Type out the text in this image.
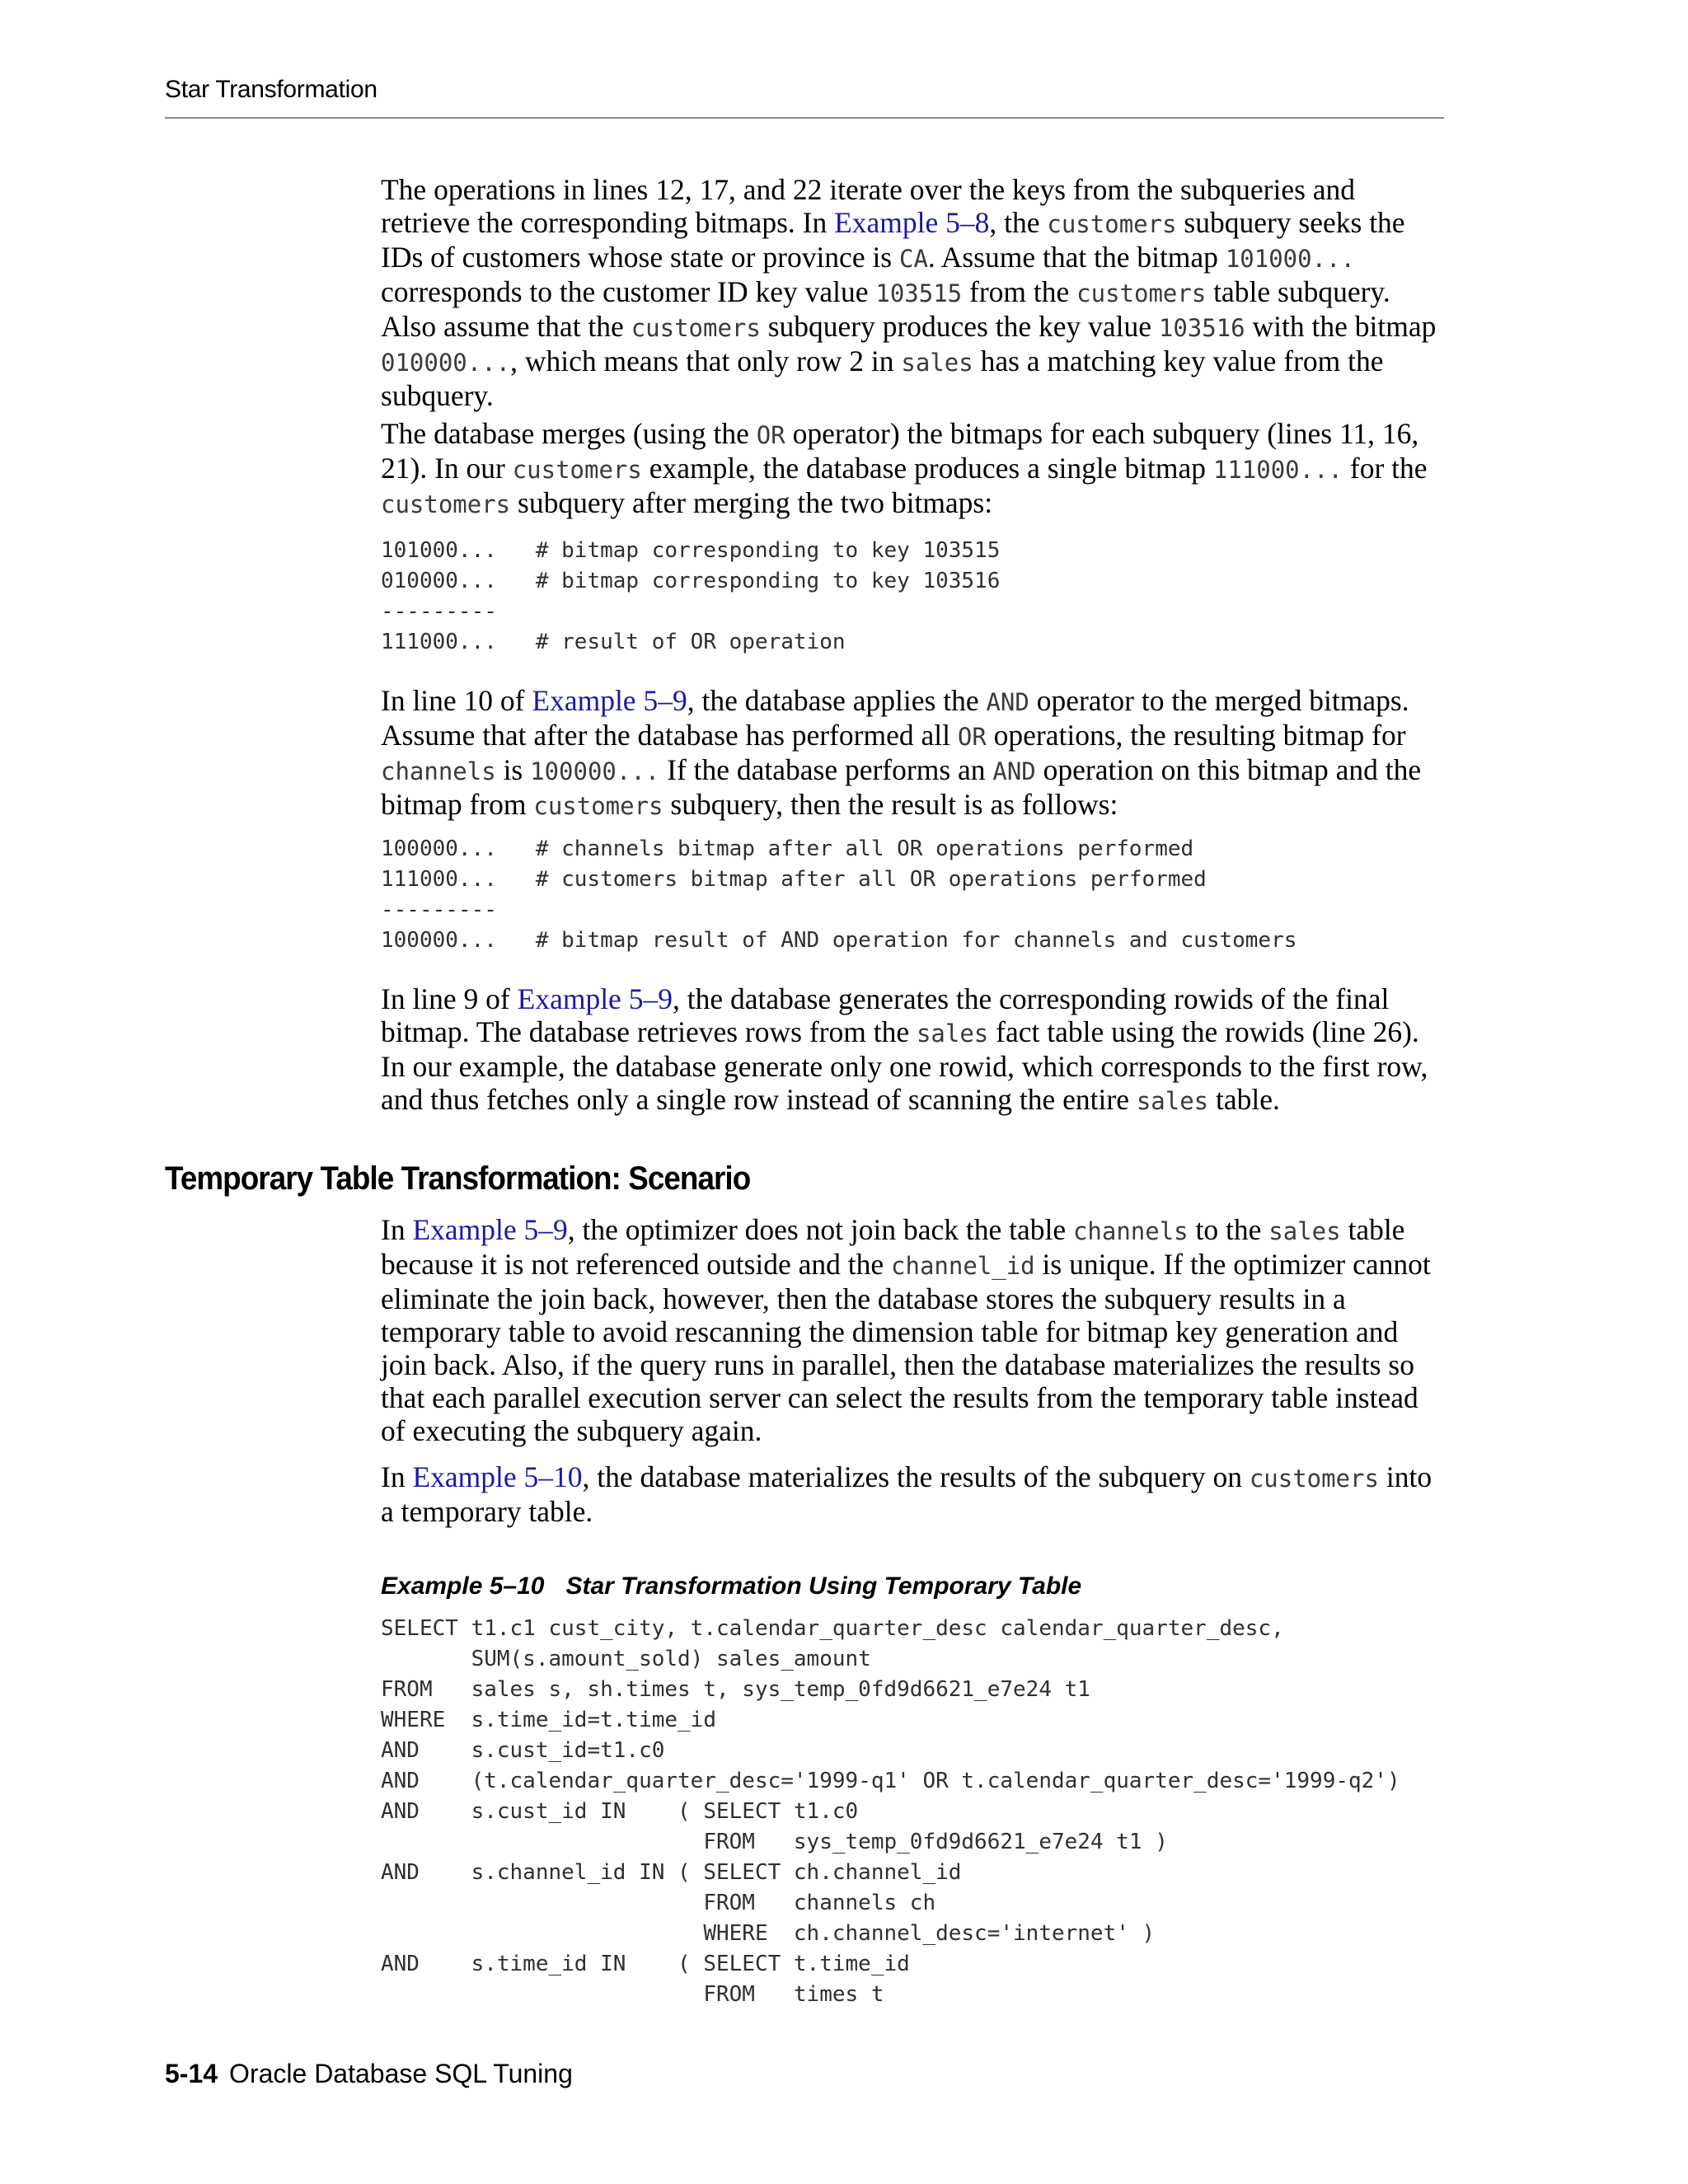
Star Transformation

The operations in lines 12, 17, and 22 iterate over the keys from the subqueries and retrieve the corresponding bitmaps. In Example 5–8, the customers subquery seeks the IDs of customers whose state or province is CA. Assume that the bitmap 101000... corresponds to the customer ID key value 103515 from the customers table subquery. Also assume that the customers subquery produces the key value 103516 with the bitmap 010000..., which means that only row 2 in sales has a matching key value from the subquery.

The database merges (using the OR operator) the bitmaps for each subquery (lines 11, 16, 21). In our customers example, the database produces a single bitmap 111000... for the customers subquery after merging the two bitmaps:

101000...   # bitmap corresponding to key 103515
010000...   # bitmap corresponding to key 103516
---------
111000...   # result of OR operation

In line 10 of Example 5–9, the database applies the AND operator to the merged bitmaps. Assume that after the database has performed all OR operations, the resulting bitmap for channels is 100000... If the database performs an AND operation on this bitmap and the bitmap from customers subquery, then the result is as follows:

100000...   # channels bitmap after all OR operations performed
111000...   # customers bitmap after all OR operations performed
---------
100000...   # bitmap result of AND operation for channels and customers

In line 9 of Example 5–9, the database generates the corresponding rowids of the final bitmap. The database retrieves rows from the sales fact table using the rowids (line 26). In our example, the database generate only one rowid, which corresponds to the first row, and thus fetches only a single row instead of scanning the entire sales table.

Temporary Table Transformation: Scenario

In Example 5–9, the optimizer does not join back the table channels to the sales table because it is not referenced outside and the channel_id is unique. If the optimizer cannot eliminate the join back, however, then the database stores the subquery results in a temporary table to avoid rescanning the dimension table for bitmap key generation and join back. Also, if the query runs in parallel, then the database materializes the results so that each parallel execution server can select the results from the temporary table instead of executing the subquery again.

In Example 5–10, the database materializes the results of the subquery on customers into a temporary table.

Example 5–10 Star Transformation Using Temporary Table
SELECT t1.c1 cust_city, t.calendar_quarter_desc calendar_quarter_desc,
SUM(s.amount_sold) sales_amount
FROM   sales s, sh.times t, sys_temp_0fd9d6621_e7e24 t1
WHERE  s.time_id=t.time_id
AND    s.cust_id=t1.c0
AND    (t.calendar_quarter_desc='1999-q1' OR t.calendar_quarter_desc='1999-q2')
AND    s.cust_id IN    ( SELECT t1.c0
FROM   sys_temp_0fd9d6621_e7e24 t1 )
AND    s.channel_id IN ( SELECT ch.channel_id
FROM   channels ch
WHERE  ch.channel_desc='internet' )
AND    s.time_id IN    ( SELECT t.time_id
FROM   times t
5-14 Oracle Database SQL Tuning
